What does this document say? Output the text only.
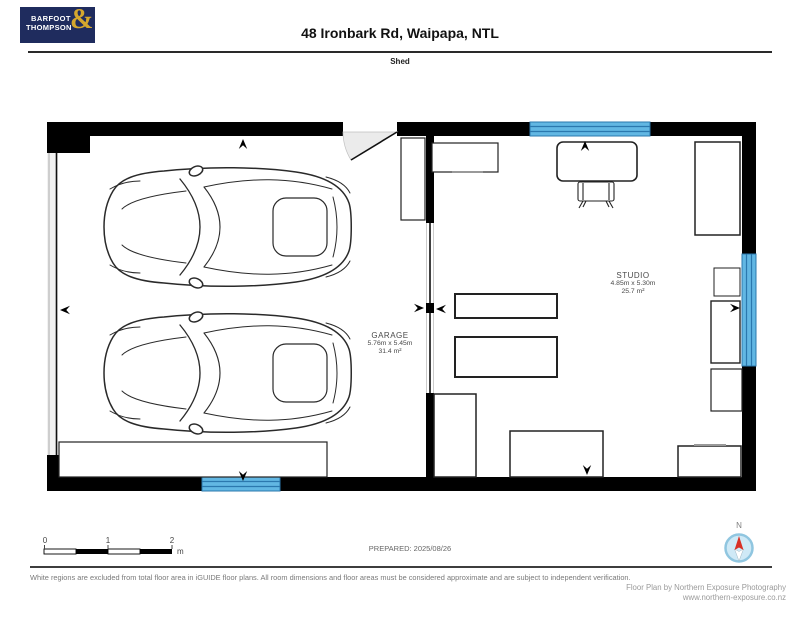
BARFOOT
THOMPSON
&	48 Ironbark Rd, Waipapa, NTL
Shed
GARAGE
5.76m x 5.45m
31.4 m²
STUDIO
4.85m x 5.30m
25.7 m²
0	1	2
m	PREPARED: 2025/08/26
N
White regions are excluded from total floor area in iGUIDE floor plans. All room dimensions and floor areas must be considered approximate and are subject to independent verification.
Floor Plan by Northern Exposure Photography
www.northern-exposure.co.nz
